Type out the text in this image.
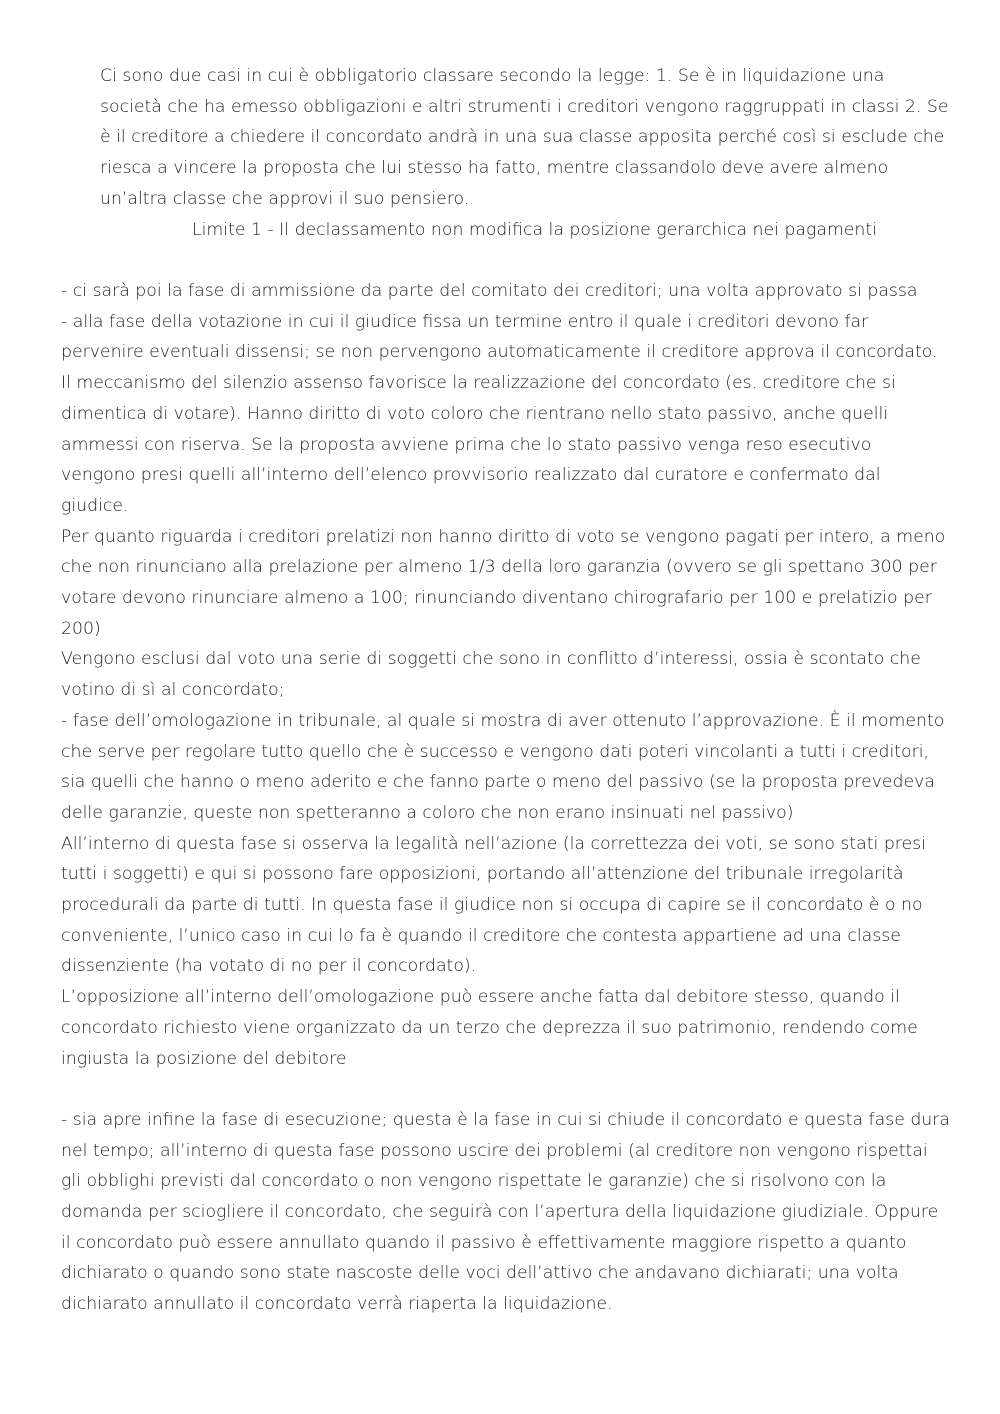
Ci sono due casi in cui è obbligatorio classare secondo la legge: 1. Se è in liquidazione una società che ha emesso obbligazioni e altri strumenti i creditori vengono raggruppati in classi 2. Se è il creditore a chiedere il concordato andrà in una sua classe apposita perché così si esclude che riesca a vincere la proposta che lui stesso ha fatto, mentre classandolo deve avere almeno un’altra classe che approvi il suo pensiero.

Limite 1 - Il declassamento non modifica la posizione gerarchica nei pagamenti

- ci sarà poi la fase di ammissione da parte del comitato dei creditori; una volta approvato si passa

- alla fase della votazione in cui il giudice fissa un termine entro il quale i creditori devono far pervenire eventuali dissensi; se non pervengono automaticamente il creditore approva il concordato. Il meccanismo del silenzio assenso favorisce la realizzazione del concordato (es. creditore che si dimentica di votare). Hanno diritto di voto coloro che rientrano nello stato passivo, anche quelli ammessi con riserva. Se la proposta avviene prima che lo stato passivo venga reso esecutivo vengono presi quelli all’interno dell’elenco provvisorio realizzato dal curatore e confermato dal giudice.

Per quanto riguarda i creditori prelatizi non hanno diritto di voto se vengono pagati per intero, a meno che non rinunciano alla prelazione per almeno 1/3 della loro garanzia (ovvero se gli spettano 300 per votare devono rinunciare almeno a 100; rinunciando diventano chirografario per 100 e prelatizio per 200)

Vengono esclusi dal voto una serie di soggetti che sono in conflitto d’interessi, ossia è scontato che votino di sì al concordato;

- fase dell’omologazione in tribunale, al quale si mostra di aver ottenuto l’approvazione. È il momento che serve per regolare tutto quello che è successo e vengono dati poteri vincolanti a tutti i creditori, sia quelli che hanno o meno aderito e che fanno parte o meno del passivo (se la proposta prevedeva delle garanzie, queste non spetteranno a coloro che non erano insinuati nel passivo)

All’interno di questa fase si osserva la legalità nell’azione (la correttezza dei voti, se sono stati presi tutti i soggetti) e qui si possono fare opposizioni, portando all’attenzione del tribunale irregolarità procedurali da parte di tutti. In questa fase il giudice non si occupa di capire se il concordato è o no conveniente, l’unico caso in cui lo fa è quando il creditore che contesta appartiene ad una classe dissenziente (ha votato di no per il concordato).

L’opposizione all’interno dell’omologazione può essere anche fatta dal debitore stesso, quando il concordato richiesto viene organizzato da un terzo che deprezza il suo patrimonio, rendendo come ingiusta la posizione del debitore

- sia apre infine la fase di esecuzione; questa è la fase in cui si chiude il concordato e questa fase dura nel tempo; all’interno di questa fase possono uscire dei problemi (al creditore non vengono rispettai gli obblighi previsti dal concordato o non vengono rispettate le garanzie) che si risolvono con la domanda per sciogliere il concordato, che seguirà con l’apertura della liquidazione giudiziale. Oppure il concordato può essere annullato quando il passivo è effettivamente maggiore rispetto a quanto dichiarato o quando sono state nascoste delle voci dell’attivo che andavano dichiarati; una volta dichiarato annullato il concordato verrà riaperta la liquidazione.
